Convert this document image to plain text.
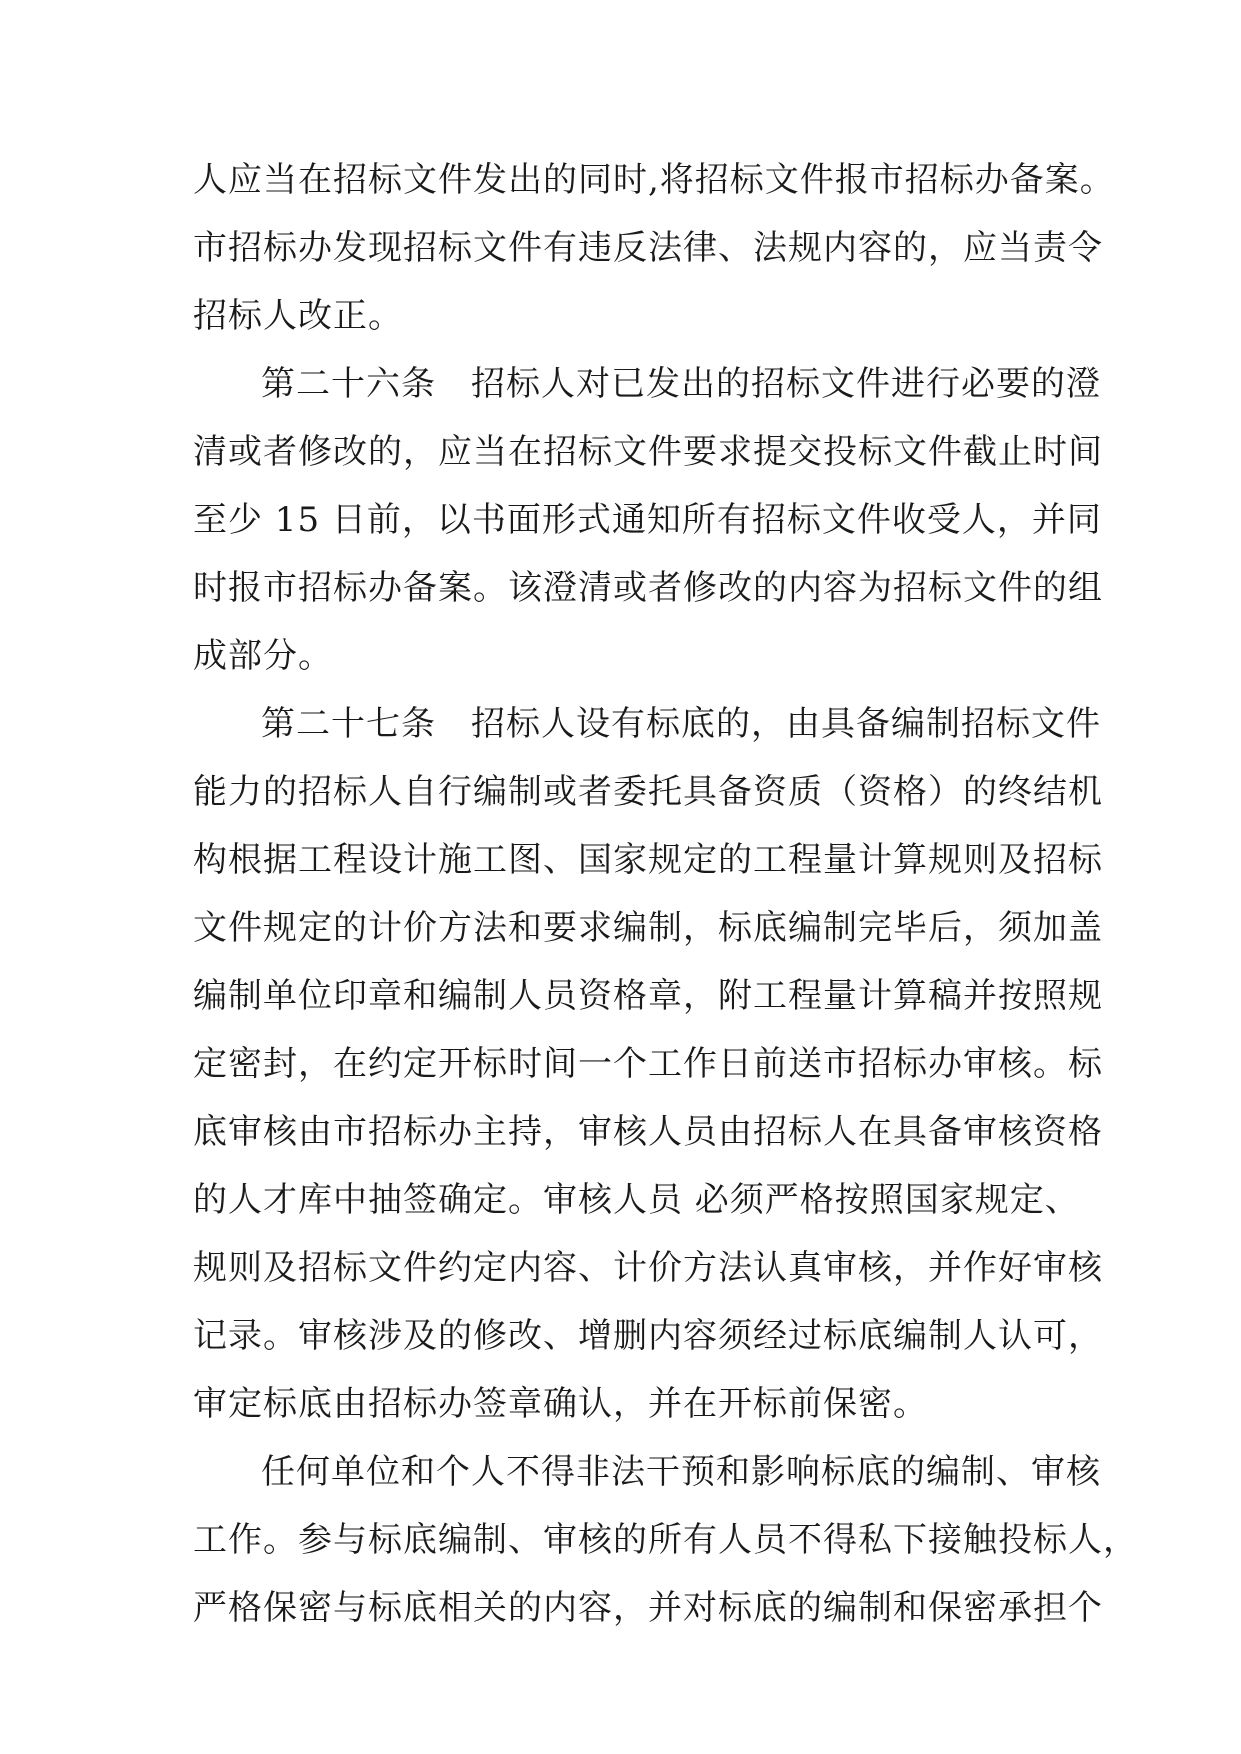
人应当在招标文件发出的同时,将招标文件报市招标办备案。
市招标办发现招标文件有违反法律、法规内容的，应当责令
招标人改正。
第二十六条　招标人对已发出的招标文件进行必要的澄
清或者修改的，应当在招标文件要求提交投标文件截止时间
至少 15 日前，以书面形式通知所有招标文件收受人，并同
时报市招标办备案。该澄清或者修改的内容为招标文件的组
成部分。
第二十七条　招标人设有标底的，由具备编制招标文件
能力的招标人自行编制或者委托具备资质（资格）的终结机
构根据工程设计施工图、国家规定的工程量计算规则及招标
文件规定的计价方法和要求编制，标底编制完毕后，须加盖
编制单位印章和编制人员资格章，附工程量计算稿并按照规
定密封，在约定开标时间一个工作日前送市招标办审核。标
底审核由市招标办主持，审核人员由招标人在具备审核资格
的人才库中抽签确定。审核人员 必须严格按照国家规定、
规则及招标文件约定内容、计价方法认真审核，并作好审核
记录。审核涉及的修改、增删内容须经过标底编制人认可，
审定标底由招标办签章确认，并在开标前保密。
任何单位和个人不得非法干预和影响标底的编制、审核
工作。参与标底编制、审核的所有人员不得私下接触投标人，
严格保密与标底相关的内容，并对标底的编制和保密承担个
